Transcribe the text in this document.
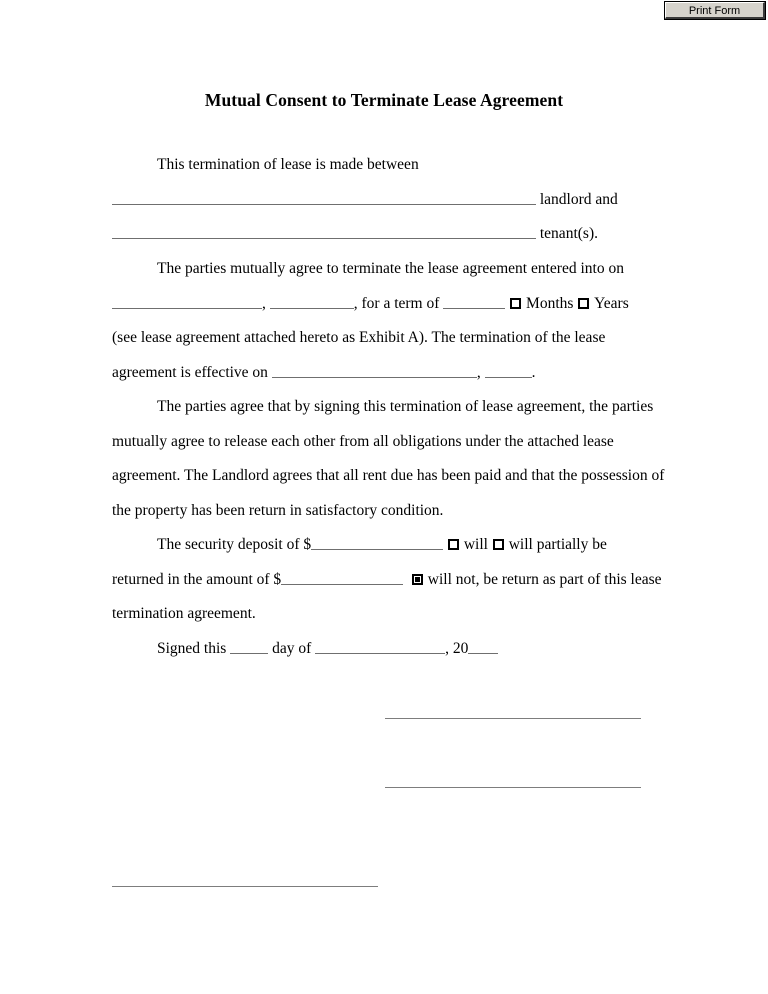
Print Form
Mutual Consent to Terminate Lease Agreement
This termination of lease is made between
landlord and
tenant(s).
The parties mutually agree to terminate the lease agreement entered into on
,	, for a term of	Months Years
(see lease agreement attached hereto as Exhibit A). The termination of the lease
agreement is effective on	,	.
The parties agree that by signing this termination of lease agreement, the parties
mutually agree to release each other from all obligations under the attached lease
agreement. The Landlord agrees that all rent due has been paid and that the possession of
the property has been return in satisfactory condition.
The security deposit of $	will will partially be
returned in the amount of $	will not, be return as part of this lease
termination agreement.
Signed this  day of	, 20
